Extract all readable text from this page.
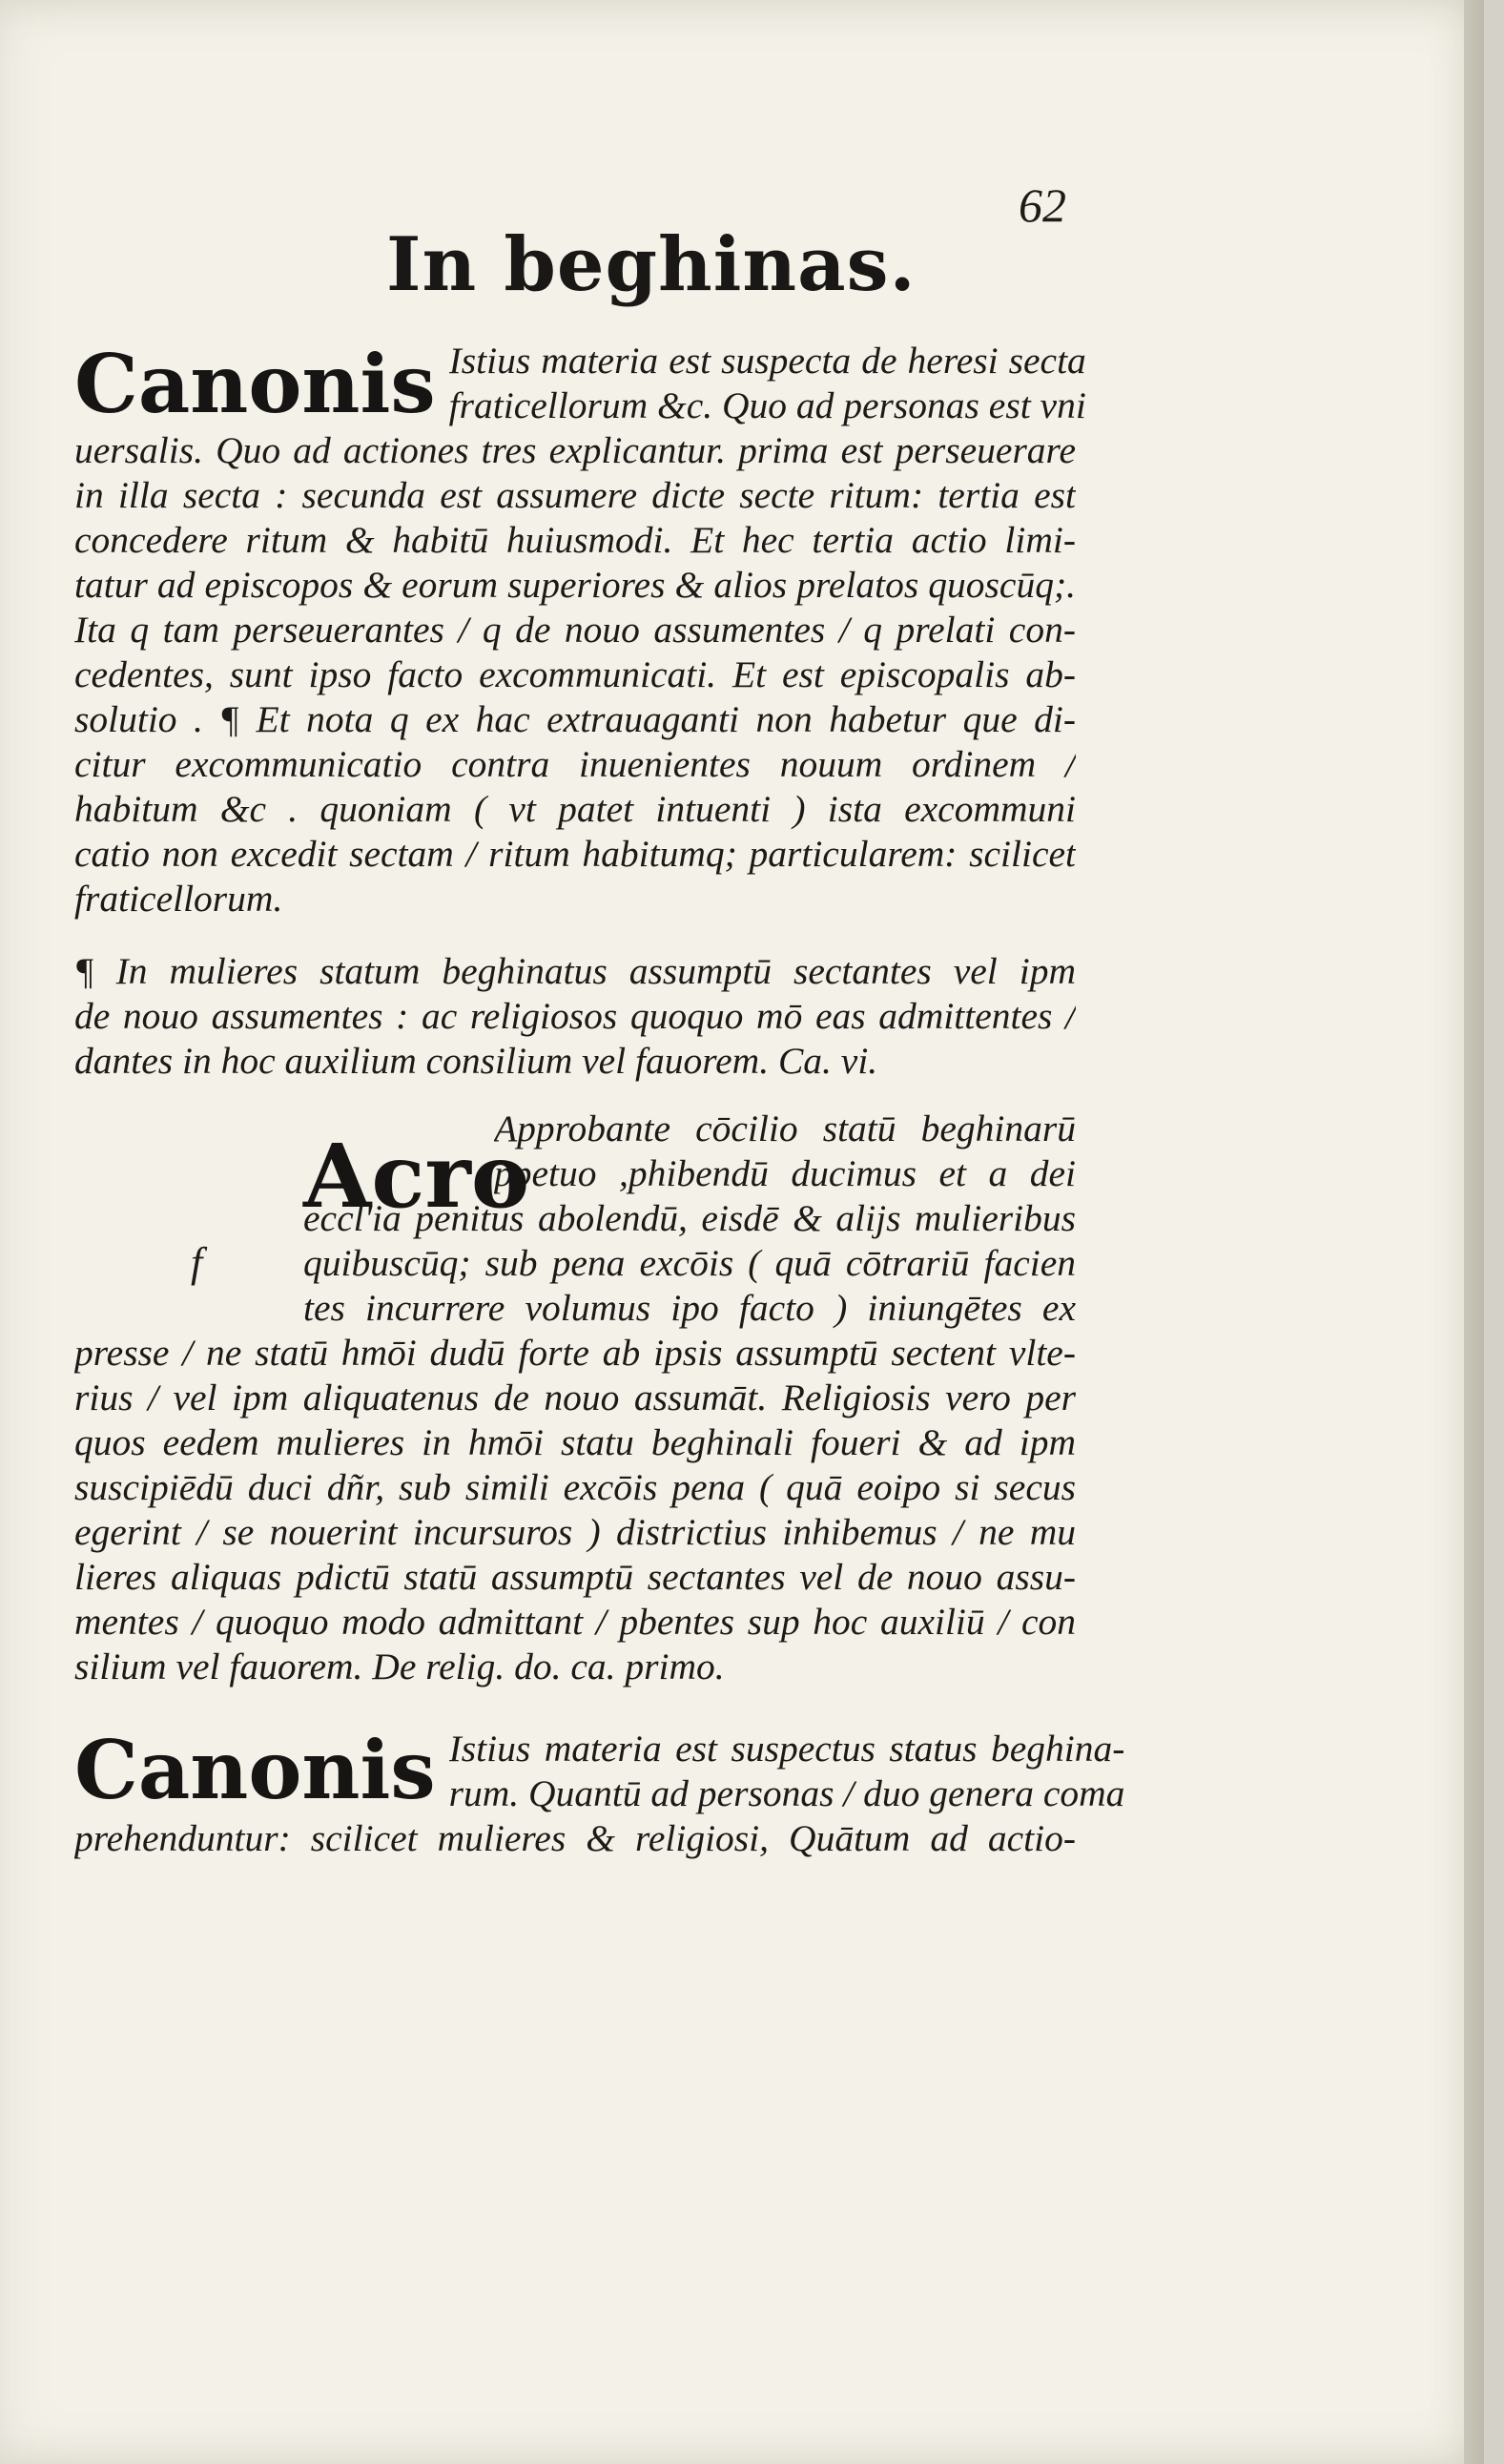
62
In beghinas.
Canonis Istius materia est suspecta de heresi secta
fraticellorum &c. Quo ad personas est vni
uersalis. Quo ad actiones tres explicantur. prima est perseuerare
in illa secta : secunda est assumere dicte secte ritum: tertia est
concedere ritum & habitū huiusmodi. Et hec tertia actio limi-
tatur ad episcopos & eorum superiores & alios prelatos quoscūq;.
Ita q tam perseuerantes / q de nouo assumentes / q prelati con-
cedentes, sunt ipso facto excommunicati. Et est episcopalis ab-
solutio . ¶ Et nota q ex hac extrauaganti non habetur que di-
citur excommunicatio contra inuenientes nouum ordinem /
habitum &c . quoniam ( vt patet intuenti ) ista excommuni
catio non excedit sectam / ritum habitumq; particularem: scilicet
fraticellorum.
¶ In mulieres statum beghinatus assumptū sectantes vel ipm
de nouo assumentes : ac religiosos quoquo mō eas admittentes /
dantes in hoc auxilium consilium vel fauorem. Ca. vi.
Acro
f
Approbante cōcilio statū beghinarū
ppetuo ,phibendū ducimus et a dei
eccl'ia penitus abolendū, eisdē & alijs mulieribus
quibuscūq; sub pena excōis ( quā cōtrariū facien
tes incurrere volumus ipo facto ) iniungētes ex
presse / ne statū hmōi dudū forte ab ipsis assumptū sectent vlte-
rius / vel ipm aliquatenus de nouo assumāt. Religiosis vero per
quos eedem mulieres in hmōi statu beghinali foueri & ad ipm
suscipiēdū duci dñr, sub simili excōis pena ( quā eoipo si secus
egerint / se nouerint incursuros ) districtius inhibemus / ne mu
lieres aliquas pdictū statū assumptū sectantes vel de nouo assu-
mentes / quoquo modo admittant / pbentes sup hoc auxiliū / con
silium vel fauorem. De relig. do. ca. primo.
Canonis Istius materia est suspectus status beghina-
rum. Quantū ad personas / duo genera coma
prehenduntur: scilicet mulieres & religiosi, Quātum ad actio-
